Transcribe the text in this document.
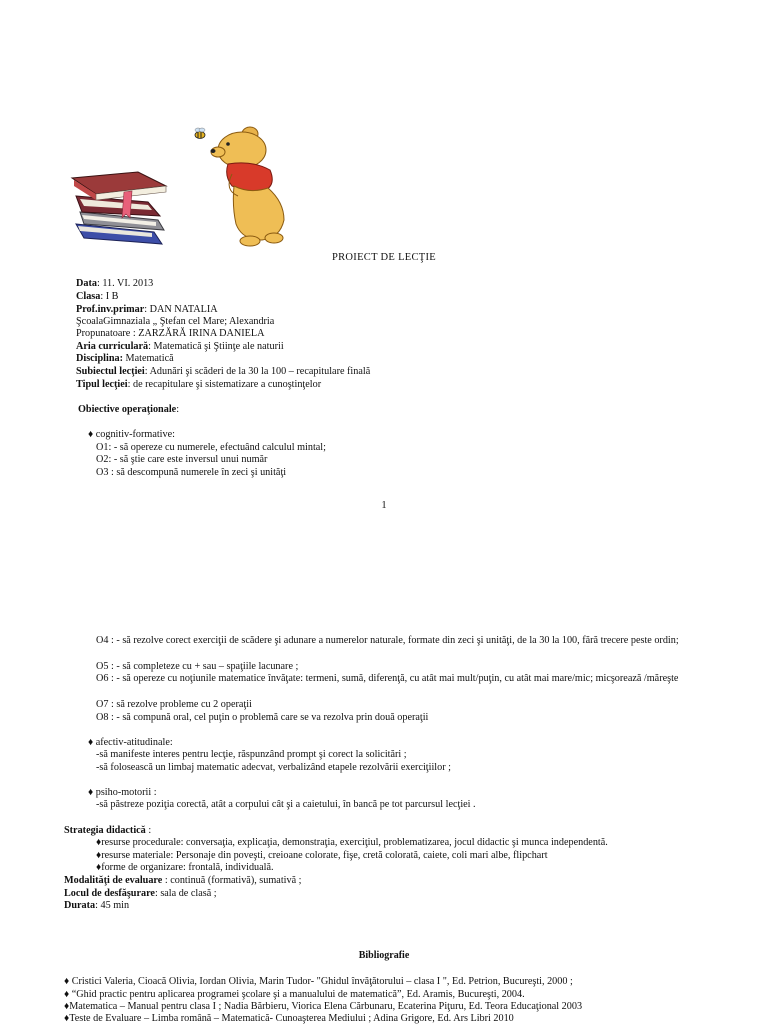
PROIECT DE LECŢIE
Data: 11. VI. 2013
Clasa: I B
Prof.inv.primar: DAN NATALIA
ŞcoalaGimnaziala „ Ştefan cel Mare; Alexandria
Propunatoare : ZARZĂRĂ IRINA DANIELA
Aria curriculară: Matematică şi Ştiinţe ale naturii
Disciplina: Matematică
Subiectul lecţiei: Adunări şi scăderi de la 30 la 100 – recapitulare finală
Tipul lecţiei: de recapitulare şi sistematizare a cunoştinţelor
Obiective operaţionale:
♦ cognitiv-formative:
O1: - să opereze cu numerele, efectuând calculul mintal;
O2: - să ştie care este inversul unui număr
O3 : să descompună numerele în zeci şi unităţi
1
O4 : - să rezolve corect exerciţii de scădere şi adunare a numerelor naturale, formate din zeci şi unităţi, de la 30 la 100, fără trecere peste ordin;
O5 : - să completeze cu + sau – spaţiile lacunare ;
O6 : - să opereze cu noţiunile matematice învăţate: termeni, sumă, diferenţă, cu atât mai mult/puţin, cu atât mai mare/mic; micşorează /măreşte
O7 : să rezolve probleme cu 2 operaţii
O8 : - să compună oral, cel puţin o problemă care se va rezolva prin două operaţii
♦ afectiv-atitudinale:
-să manifeste interes pentru lecţie, răspunzând prompt şi corect la solicitări ;
-să folosească un limbaj matematic adecvat, verbalizând etapele rezolvării exerciţiilor ;
♦ psiho-motorii :
-să păstreze poziţia corectă, atât a corpului cât şi a caietului, în bancă pe tot parcursul lecţiei .
Strategia didactică :
♦resurse procedurale: conversaţia, explicaţia, demonstraţia, exerciţiul, problematizarea, jocul didactic şi munca independentă.
♦resurse materiale: Personaje din poveşti, creioane colorate, fişe, cretă colorată, caiete, coli mari albe, flipchart
♦forme de organizare: frontală, individuală.
Modalităţi de evaluare : continuă (formativă), sumativă ;
Locul de desfăşurare: sala de clasă ;
Durata: 45 min
Bibliografie
♦ Cristici Valeria, Cioacă Olivia, Iordan Olivia, Marin Tudor- "Ghidul învăţătorului – clasa I ", Ed. Petrion, Bucureşti, 2000 ;
♦ “Ghid practic pentru aplicarea programei şcolare şi a manualului de matematică”, Ed. Aramis, Bucureşti, 2004.
♦Matematica – Manual pentru clasa I ; Nadia Bărbieru, Viorica Elena Cărbunaru, Ecaterina Piţuru, Ed. Teora Educaţional 2003
♦Teste de Evaluare – Limba română – Matematică- Cunoaşterea Mediului ; Adina Grigore, Ed. Ars Libri 2010
